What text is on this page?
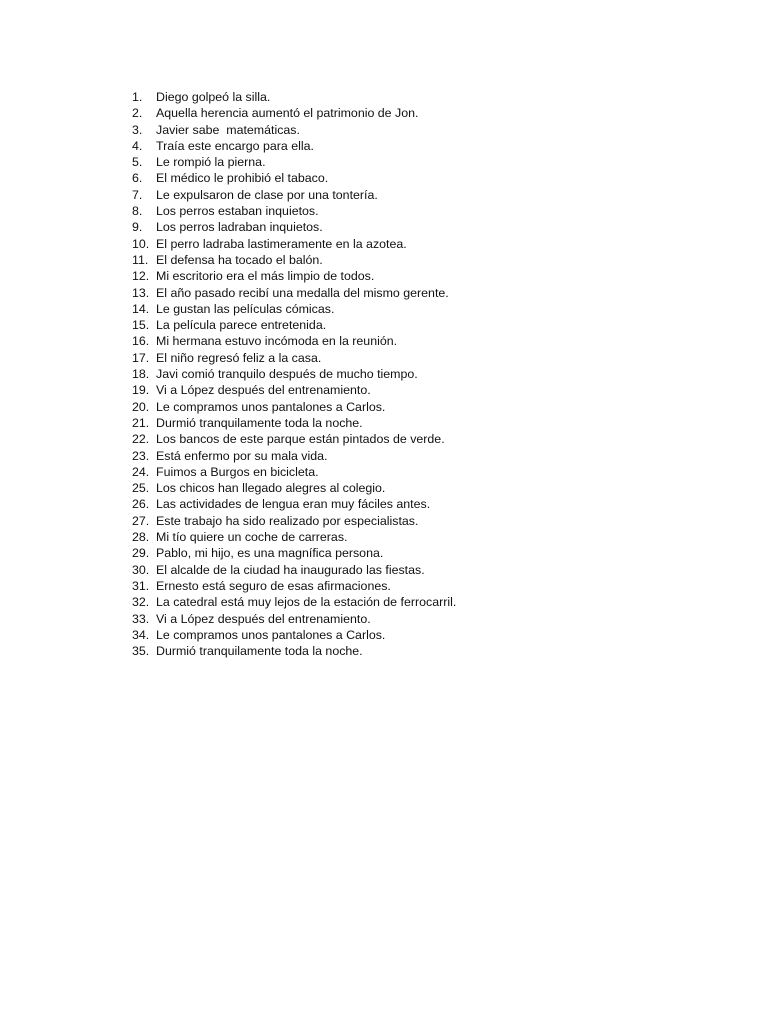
1.	Diego golpeó la silla.
2.	Aquella herencia aumentó el patrimonio de Jon.
3.	Javier sabe  matemáticas.
4.	Traía este encargo para ella.
5.	Le rompió la pierna.
6.	El médico le prohibió el tabaco.
7.	Le expulsaron de clase por una tontería.
8.	Los perros estaban inquietos.
9.	Los perros ladraban inquietos.
10. El perro ladraba lastimeramente en la azotea.
11. El defensa ha tocado el balón.
12. Mi escritorio era el más limpio de todos.
13. El año pasado recibí una medalla del mismo gerente.
14. Le gustan las películas cómicas.
15. La película parece entretenida.
16. Mi hermana estuvo incómoda en la reunión.
17. El niño regresó feliz a la casa.
18. Javi comió tranquilo después de mucho tiempo.
19. Vi a López después del entrenamiento.
20. Le compramos unos pantalones a Carlos.
21. Durmió tranquilamente toda la noche.
22. Los bancos de este parque están pintados de verde.
23. Está enfermo por su mala vida.
24. Fuimos a Burgos en bicicleta.
25. Los chicos han llegado alegres al colegio.
26. Las actividades de lengua eran muy fáciles antes.
27. Este trabajo ha sido realizado por especialistas.
28. Mi tío quiere un coche de carreras.
29. Pablo, mi hijo, es una magnífica persona.
30. El alcalde de la ciudad ha inaugurado las fiestas.
31. Ernesto está seguro de esas afirmaciones.
32. La catedral está muy lejos de la estación de ferrocarril.
33. Vi a López después del entrenamiento.
34. Le compramos unos pantalones a Carlos.
35. Durmió tranquilamente toda la noche.
